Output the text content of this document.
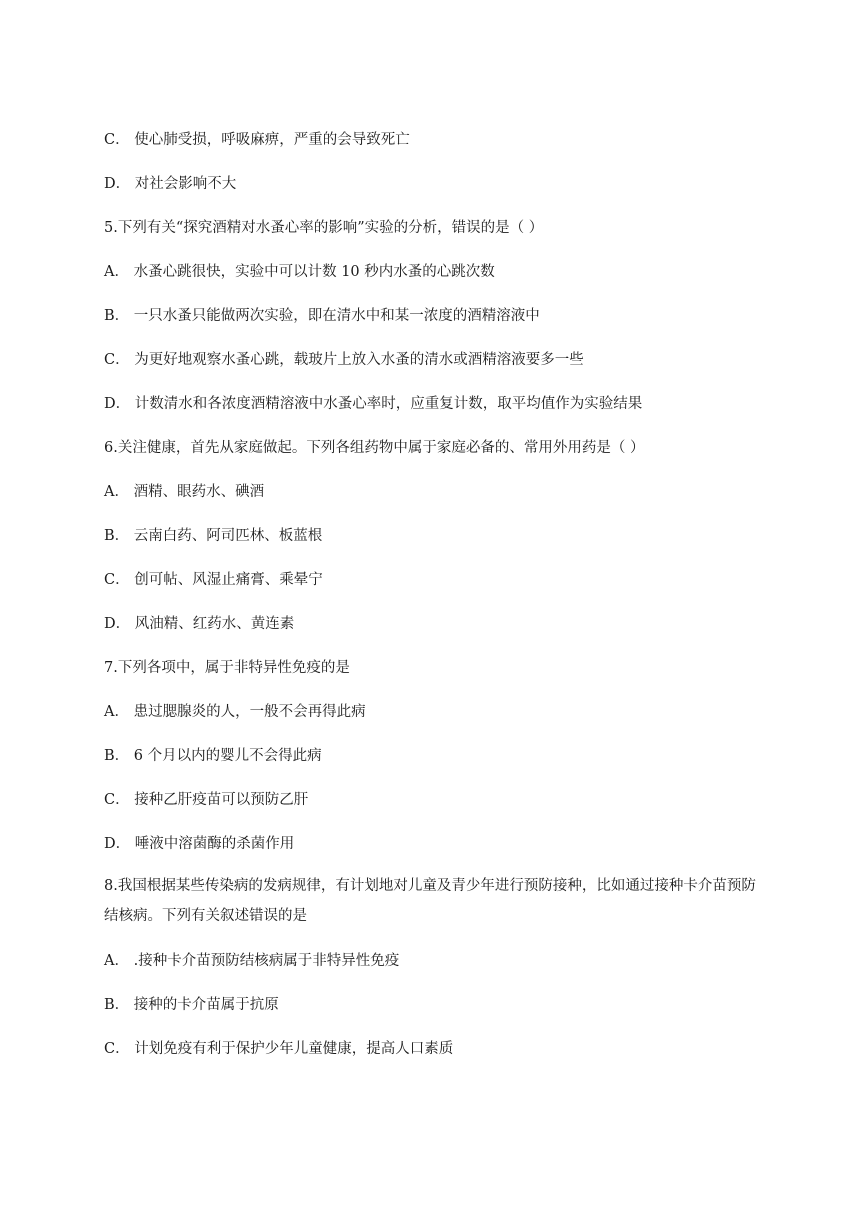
C． 使心肺受损，呼吸麻痹，严重的会导致死亡
D． 对社会影响不大
5.下列有关“探究酒精对水蚤心率的影响”实验的分析，错误的是（ ）
A． 水蚤心跳很快，实验中可以计数 10 秒内水蚤的心跳次数
B． 一只水蚤只能做两次实验，即在清水中和某一浓度的酒精溶液中
C． 为更好地观察水蚤心跳，载玻片上放入水蚤的清水或酒精溶液要多一些
D． 计数清水和各浓度酒精溶液中水蚤心率时，应重复计数，取平均值作为实验结果
6.关注健康，首先从家庭做起。下列各组药物中属于家庭必备的、常用外用药是（ ）
A． 酒精、眼药水、碘酒
B． 云南白药、阿司匹林、板蓝根
C． 创可帖、风湿止痛膏、乘晕宁
D． 风油精、红药水、黄连素
7.下列各项中，属于非特异性免疫的是
A． 患过腮腺炎的人，一般不会再得此病
B． 6 个月以内的婴儿不会得此病
C． 接种乙肝疫苗可以预防乙肝
D． 唾液中溶菌酶的杀菌作用
8.我国根据某些传染病的发病规律，有计划地对儿童及青少年进行预防接种，比如通过接种卡介苗预防结核病。下列有关叙述错误的是
A． .接种卡介苗预防结核病属于非特异性免疫
B． 接种的卡介苗属于抗原
C． 计划免疫有利于保护少年儿童健康，提高人口素质
